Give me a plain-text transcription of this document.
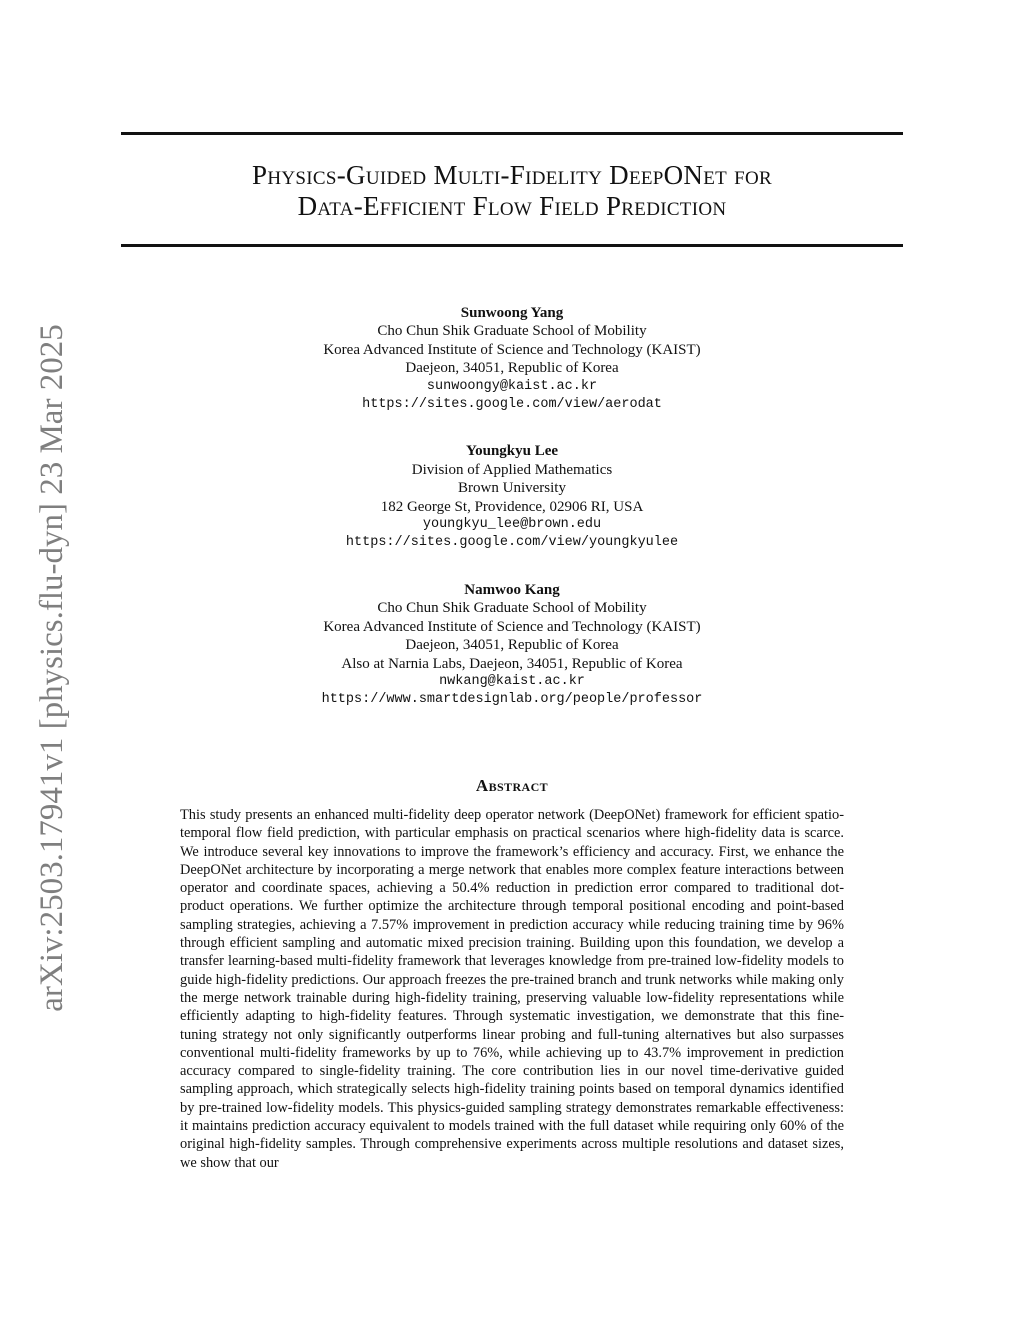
arXiv:2503.17941v1 [physics.flu-dyn] 23 Mar 2025
Physics-Guided Multi-Fidelity DeepONet for
Data-Efficient Flow Field Prediction
Sunwoong Yang
Cho Chun Shik Graduate School of Mobility
Korea Advanced Institute of Science and Technology (KAIST)
Daejeon, 34051, Republic of Korea
sunwoongy@kaist.ac.kr
https://sites.google.com/view/aerodat
Youngkyu Lee
Division of Applied Mathematics
Brown University
182 George St, Providence, 02906 RI, USA
youngkyu_lee@brown.edu
https://sites.google.com/view/youngkyulee
Namwoo Kang
Cho Chun Shik Graduate School of Mobility
Korea Advanced Institute of Science and Technology (KAIST)
Daejeon, 34051, Republic of Korea
Also at Narnia Labs, Daejeon, 34051, Republic of Korea
nwkang@kaist.ac.kr
https://www.smartdesignlab.org/people/professor
Abstract
This study presents an enhanced multi-fidelity deep operator network (DeepONet) framework for efficient spatio-temporal flow field prediction, with particular emphasis on practical scenarios where high-fidelity data is scarce. We introduce several key innovations to improve the framework’s efficiency and accuracy. First, we enhance the DeepONet architecture by incorporating a merge network that enables more complex feature interactions between operator and coordinate spaces, achieving a 50.4% reduction in prediction error compared to traditional dot-product operations. We further optimize the architecture through temporal positional encoding and point-based sampling strategies, achieving a 7.57% improvement in prediction accuracy while reducing training time by 96% through efficient sampling and automatic mixed precision training. Building upon this foundation, we develop a transfer learning-based multi-fidelity framework that leverages knowledge from pre-trained low-fidelity models to guide high-fidelity predictions. Our approach freezes the pre-trained branch and trunk networks while making only the merge network trainable during high-fidelity training, preserving valuable low-fidelity representations while efficiently adapting to high-fidelity features. Through systematic investigation, we demonstrate that this fine-tuning strategy not only significantly outperforms linear probing and full-tuning alternatives but also surpasses conventional multi-fidelity frameworks by up to 76%, while achieving up to 43.7% improvement in prediction accuracy compared to single-fidelity training. The core contribution lies in our novel time-derivative guided sampling approach, which strategically selects high-fidelity training points based on temporal dynamics identified by pre-trained low-fidelity models. This physics-guided sampling strategy demonstrates remarkable effectiveness: it maintains prediction accuracy equivalent to models trained with the full dataset while requiring only 60% of the original high-fidelity samples. Through comprehensive experiments across multiple resolutions and dataset sizes, we show that our
